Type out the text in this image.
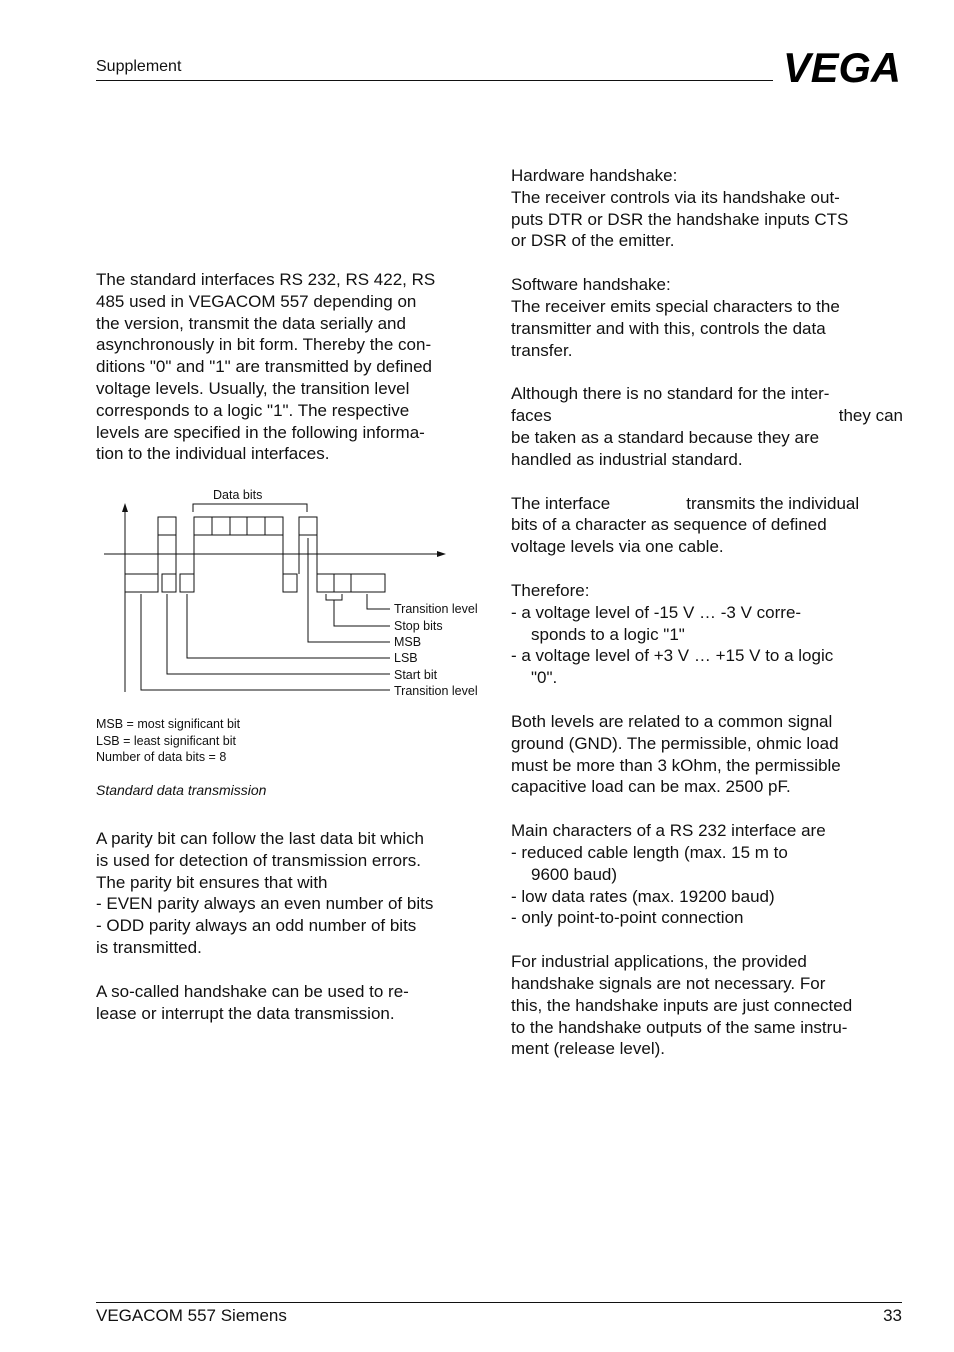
Supplement	VEGA

The standard interfaces RS 232, RS 422, RS

485 used in VEGACOM 557 depending on

the version, transmit the data serially and

asynchronously in bit form. Thereby the con-

ditions "0" and "1" are transmitted by defined

voltage levels. Usually, the transition level

corresponds to a logic "1". The respective

levels are specified in the following informa-

tion to the individual interfaces.

Data bits
Transition level
Stop bits
MSB
LSB
Start bit
Transition level

MSB = most significant bit

LSB = least significant bit

Number of data bits = 8

Standard data transmission

A parity bit can follow the last data bit which

is used for detection of transmission errors.

The parity bit ensures that with

- EVEN parity always an even number of bits

- ODD parity always an odd number of bits

is transmitted.

A so-called handshake can be used to re-

lease or interrupt the data transmission.

Hardware handshake:

The receiver controls via its handshake out-

puts DTR or DSR the handshake inputs CTS

or DSR of the emitter.

Software handshake:

The receiver emits special characters to the

transmitter and with this, controls the data

transfer.

Although there is no standard for the inter-

faces	they can

be taken as a standard because they are

handled as industrial standard.

The interface	transmits the individual

bits of a character as sequence of defined

voltage levels via one cable.

Therefore:

- a voltage level of -15 V … -3 V corre-

sponds to a logic "1"

- a voltage level of +3 V … +15 V to a logic

"0".

Both levels are related to a common signal

ground (GND). The permissible, ohmic load

must be more than 3 kOhm, the permissible

capacitive load can be max. 2500 pF.

Main characters of a RS 232 interface are

- reduced cable length (max. 15 m to

9600 baud)

- low data rates (max. 19200 baud)

- only point-to-point connection

For industrial applications, the provided

handshake signals are not necessary. For

this, the handshake inputs are just connected

to the handshake outputs of the same instru-

ment (release level).

VEGACOM 557 Siemens	33
